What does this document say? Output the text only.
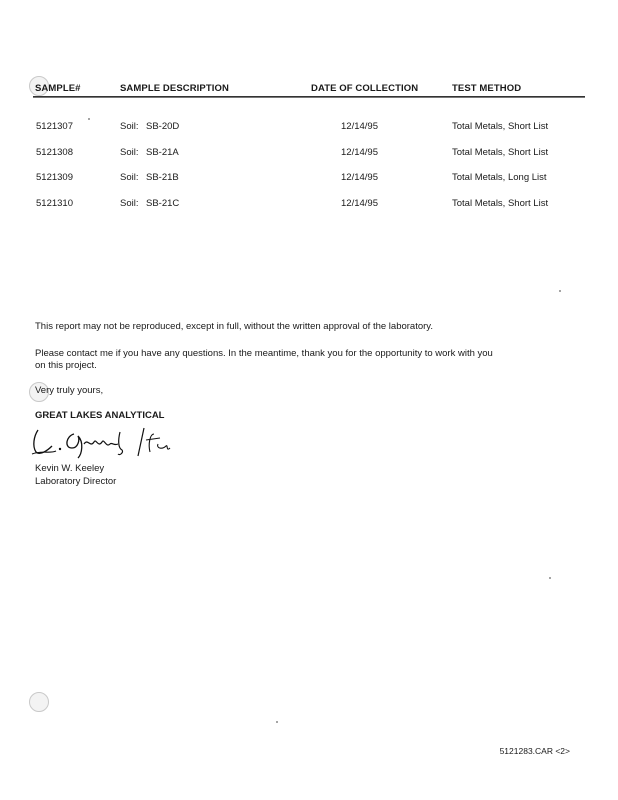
SAMPLE#	SAMPLE DESCRIPTION	DATE OF COLLECTION	TEST METHOD
5121307	Soil: SB-20D	12/14/95	Total Metals, Short List
5121308	Soil: SB-21A	12/14/95	Total Metals, Short List
5121309	Soil: SB-21B	12/14/95	Total Metals, Long List
5121310	Soil: SB-21C	12/14/95	Total Metals, Short List
This report may not be reproduced, except in full, without the written approval of the laboratory.
Please contact me if you have any questions. In the meantime, thank you for the opportunity to work with you
on this project.
Very truly yours,
GREAT LAKES ANALYTICAL
Kevin W. Keeley
Laboratory Director
5121283.CAR <2>
